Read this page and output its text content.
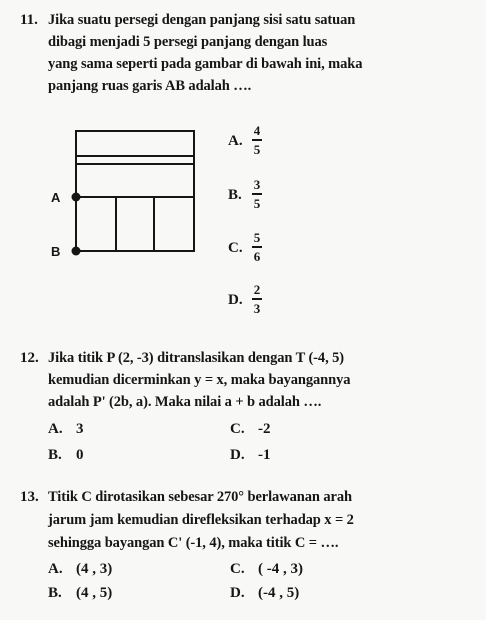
11. Jika suatu persegi dengan panjang sisi satu satuan
dibagi menjadi 5 persegi panjang dengan luas
yang sama seperti pada gambar di bawah ini, maka
panjang ruas garis AB adalah ….
A
B
A.
4
5
B.
3
5
C.
5
6
D.
2
3
12. Jika titik P (2, -3) ditranslasikan dengan T (-4, 5)
kemudian dicerminkan y = x, maka bayangannya
adalah P' (2b, a). Maka nilai a + b adalah ….
A. 3	C. -2
B. 0	D. -1
13. Titik C dirotasikan sebesar 270° berlawanan arah
jarum jam kemudian direfleksikan terhadap x = 2
sehingga bayangan C' (-1, 4), maka titik C = ….
A. (4 , 3)	C. ( -4 , 3)
B. (4 , 5)	D. (-4 , 5)
